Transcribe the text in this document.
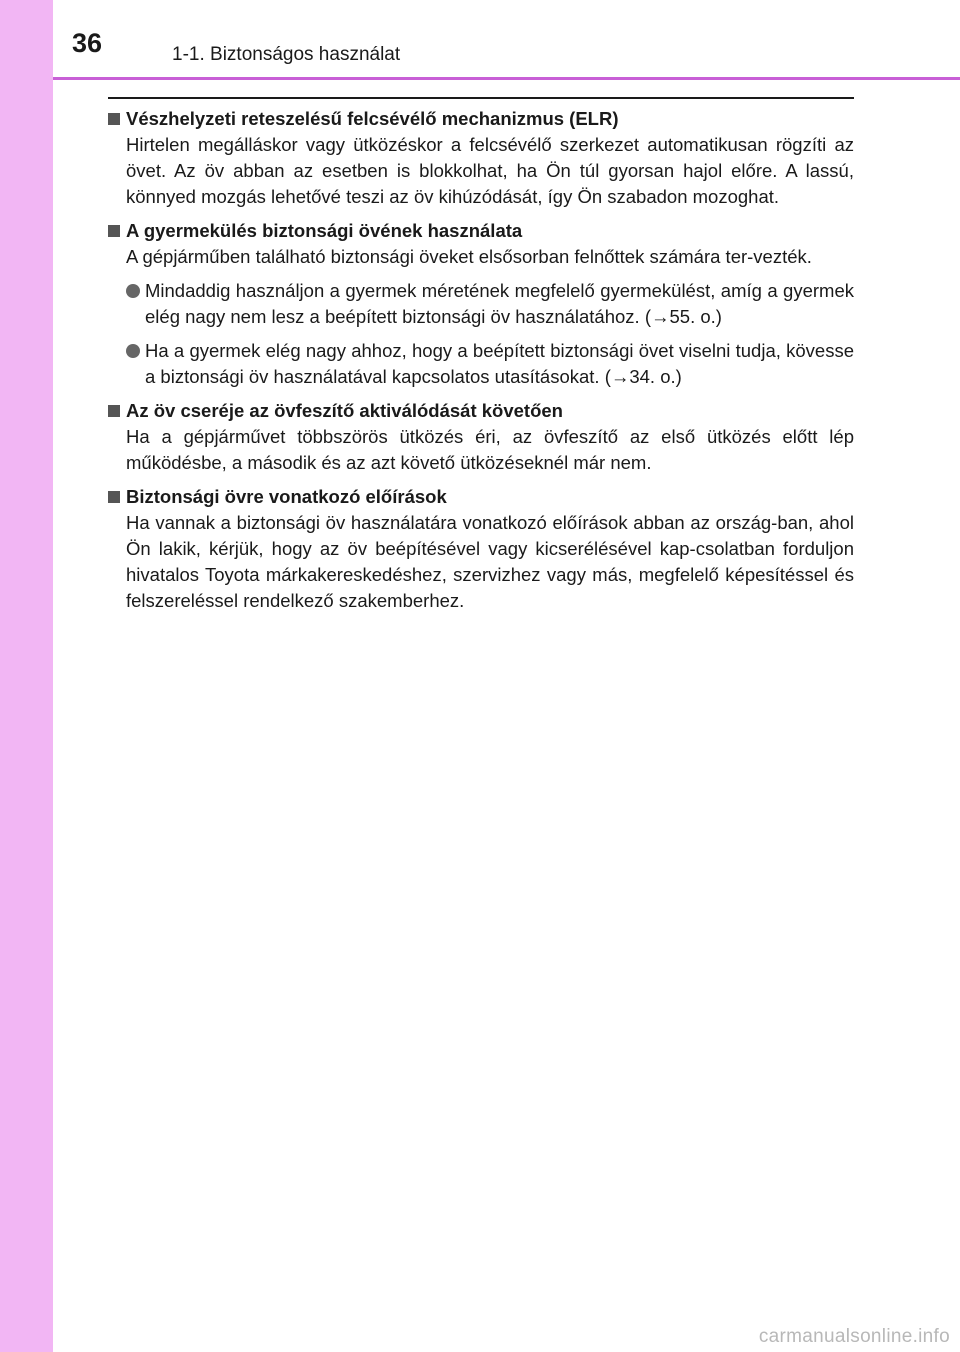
36	1-1. Biztonságos használat
Vészhelyzeti reteszelésű felcsévélő mechanizmus (ELR)
Hirtelen megálláskor vagy ütközéskor a felcsévélő szerkezet automatikusan rögzíti az övet. Az öv abban az esetben is blokkolhat, ha Ön túl gyorsan hajol előre. A lassú, könnyed mozgás lehetővé teszi az öv kihúzódását, így Ön szabadon mozoghat.
A gyermekülés biztonsági övének használata
A gépjárműben található biztonsági öveket elsősorban felnőttek számára ter-vezték.
Mindaddig használjon a gyermek méretének megfelelő gyermekülést, amíg a gyermek elég nagy nem lesz a beépített biztonsági öv használatához. (→55. o.)
Ha a gyermek elég nagy ahhoz, hogy a beépített biztonsági övet viselni tudja, kövesse a biztonsági öv használatával kapcsolatos utasításokat. (→34. o.)
Az öv cseréje az övfeszítő aktiválódását követően
Ha a gépjárművet többszörös ütközés éri, az övfeszítő az első ütközés előtt lép működésbe, a második és az azt követő ütközéseknél már nem.
Biztonsági övre vonatkozó előírások
Ha vannak a biztonsági öv használatára vonatkozó előírások abban az ország-ban, ahol Ön lakik, kérjük, hogy az öv beépítésével vagy kicserélésével kap-csolatban forduljon hivatalos Toyota márkakereskedéshez, szervizhez vagy más, megfelelő képesítéssel és felszereléssel rendelkező szakemberhez.
carmanualsonline.info
